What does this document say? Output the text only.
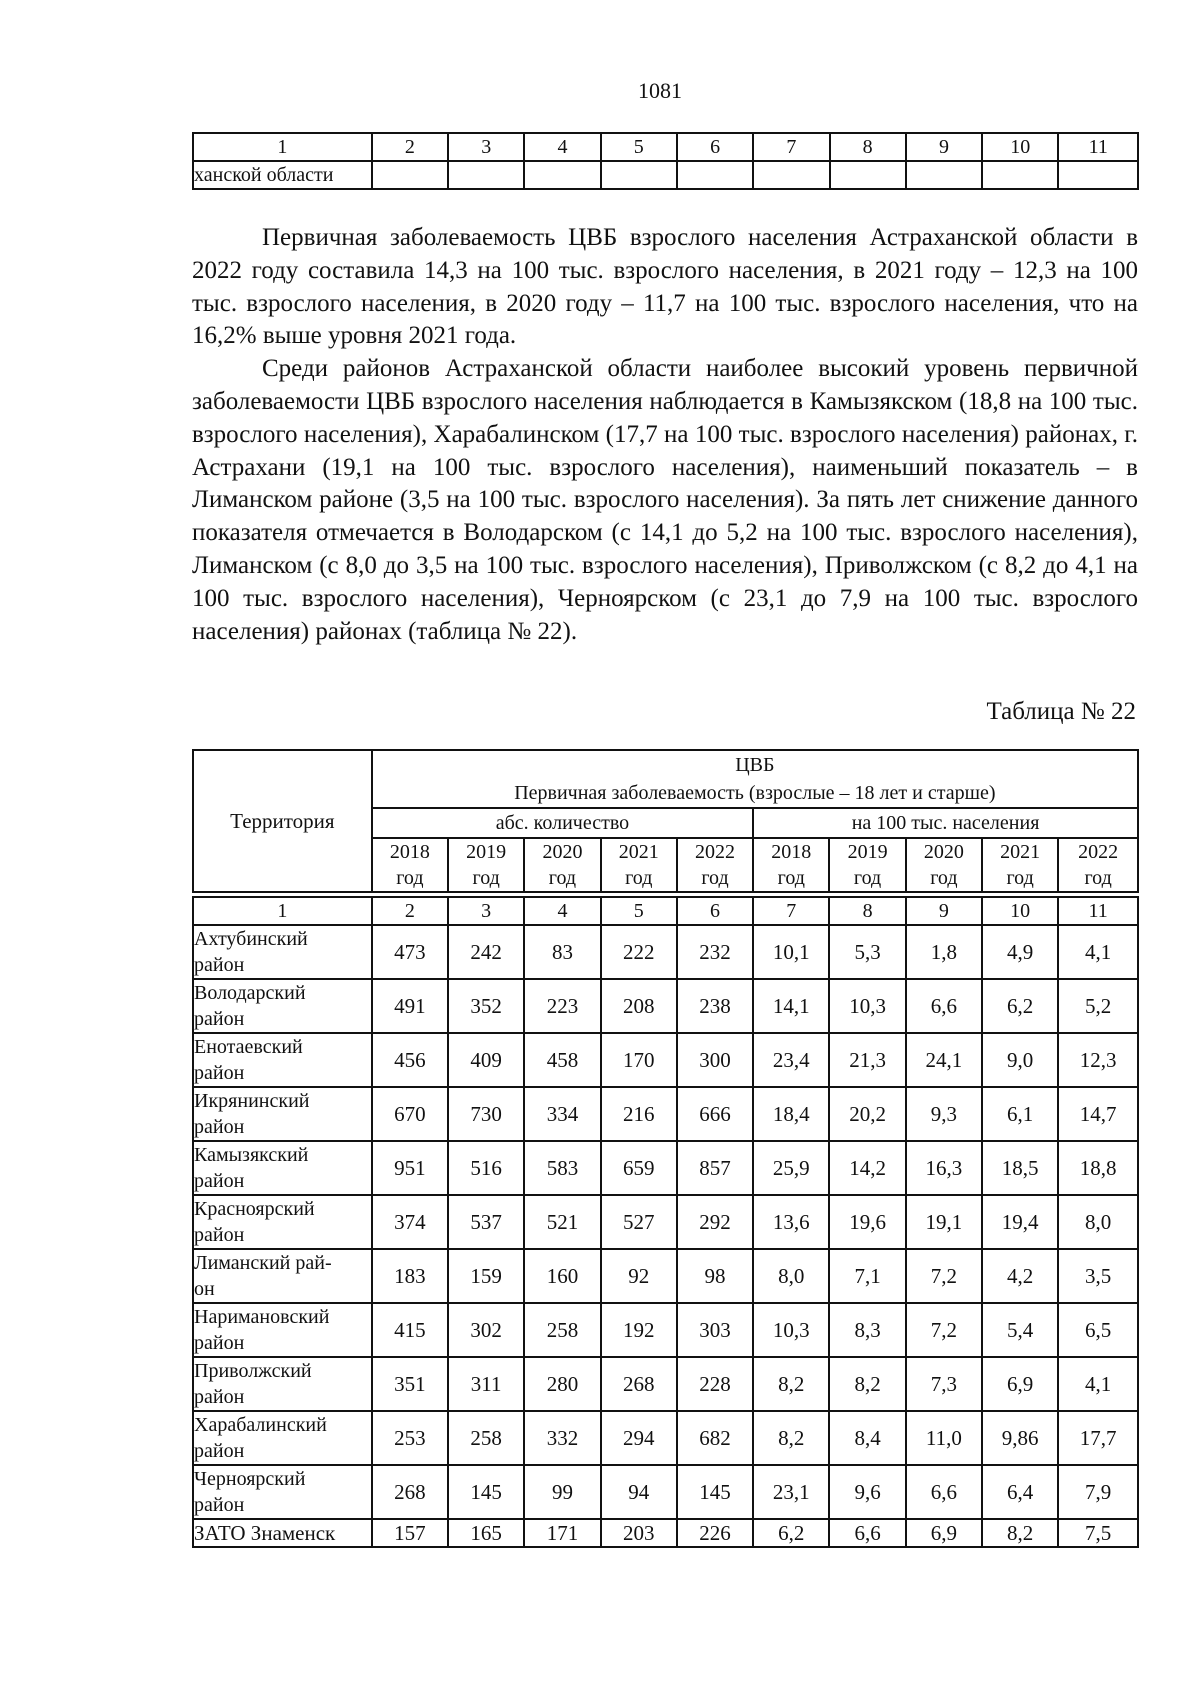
1081
1	2	3	4	5	6	7	8	9	10	11
ханской области										

Первичная заболеваемость ЦВБ взрослого населения Астраханской области в 2022 году составила 14,3 на 100 тыс. взрослого населения, в 2021 году – 12,3 на 100 тыс. взрослого населения, в 2020 году – 11,7 на 100 тыс. взрослого населения, что на 16,2% выше уровня 2021 года.

Среди районов Астраханской области наиболее высокий уровень первичной заболеваемости ЦВБ взрослого населения наблюдается в Камызякском (18,8 на 100 тыс. взрослого населения), Харабалинском (17,7 на 100 тыс. взрослого населения) районах, г. Астрахани (19,1 на 100 тыс. взрослого населения), наименьший показатель – в Лиманском районе (3,5 на 100 тыс. взрослого населения). За пять лет снижение данного показателя отмечается в Володарском (с 14,1 до 5,2 на 100 тыс. взрослого населения), Лиманском (с 8,0 до 3,5 на 100 тыс. взрослого населения), Приволжском (с 8,2 до 4,1 на 100 тыс. взрослого населения), Черноярском (с 23,1 до 7,9 на 100 тыс. взрослого населения) районах (таблица № 22).

Таблица № 22
Территория	ЦВБ
Первичная заболеваемость (взрослые – 18 лет и старше)									

	абс. количество					на 100 тыс. населения				
	2018	2019	2020	2021	2022	2018	2019	2020	2021	2022
	год	год	год	год	год	год	год	год	год	год

1	2	3	4	5	6	7	8	9	10	11

Ахтубинский
район	473	242	83	222	232	10,1	5,3	1,8	4,9	4,1

Володарский
район	491	352	223	208	238	14,1	10,3	6,6	6,2	5,2

Енотаевский
район	456	409	458	170	300	23,4	21,3	24,1	9,0	12,3

Икрянинский
район	670	730	334	216	666	18,4	20,2	9,3	6,1	14,7

Камызякский
район	951	516	583	659	857	25,9	14,2	16,3	18,5	18,8

Красноярский
район	374	537	521	527	292	13,6	19,6	19,1	19,4	8,0

Лиманский рай-
он	183	159	160	92	98	8,0	7,1	7,2	4,2	3,5

Наримановский
район	415	302	258	192	303	10,3	8,3	7,2	5,4	6,5

Приволжский
район	351	311	280	268	228	8,2	8,2	7,3	6,9	4,1

Харабалинский
район	253	258	332	294	682	8,2	8,4	11,0	9,86	17,7

Черноярский
район	268	145	99	94	145	23,1	9,6	6,6	6,4	7,9
ЗАТО Знаменск	157	165	171	203	226	6,2	6,6	6,9	8,2	7,5
